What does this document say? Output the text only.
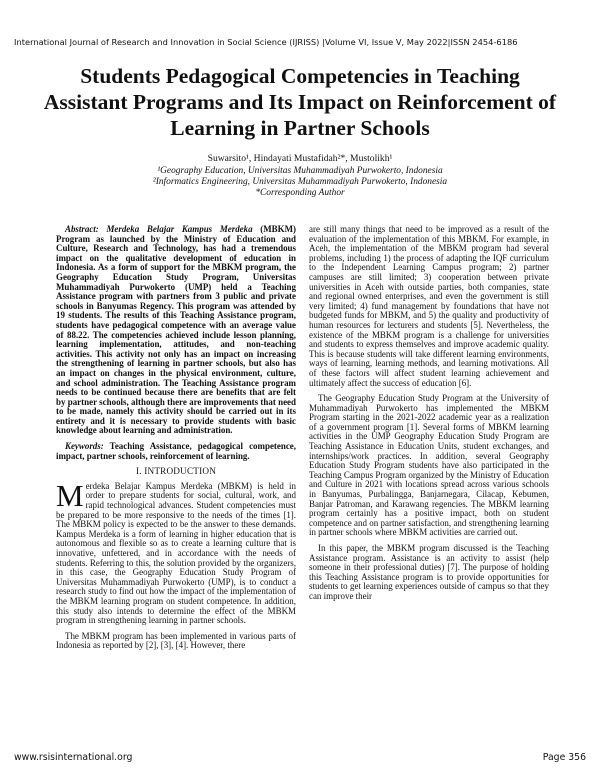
International Journal of Research and Innovation in Social Science (IJRISS) |Volume VI, Issue V, May 2022|ISSN 2454-6186
Students Pedagogical Competencies in Teaching Assistant Programs and Its Impact on Reinforcement of Learning in Partner Schools
Suwarsito¹, Hindayati Mustafidah²*, Mustolikh¹
¹Geography Education, Universitas Muhammadiyah Purwokerto, Indonesia
²Informatics Engineering, Universitas Muhammadiyah Purwokerto, Indonesia
*Corresponding Author

Abstract: Merdeka Belajar Kampus Merdeka (MBKM) Program as launched by the Ministry of Education and Culture, Research and Technology, has had a tremendous impact on the qualitative development of education in Indonesia. As a form of support for the MBKM program, the Geography Education Study Program, Universitas Muhammadiyah Purwokerto (UMP) held a Teaching Assistance program with partners from 3 public and private schools in Banyumas Regency. This program was attended by 19 students. The results of this Teaching Assistance program, students have pedagogical competence with an average value of 88.22. The competencies achieved include lesson planning, learning implementation, attitudes, and non-teaching activities. This activity not only has an impact on increasing the strengthening of learning in partner schools, but also has an impact on changes in the physical environment, culture, and school administration. The Teaching Assistance program needs to be continued because there are benefits that are felt by partner schools, although there are improvements that need to be made, namely this activity should be carried out in its entirety and it is necessary to provide students with basic knowledge about learning and administration.

Keywords: Teaching Assistance, pedagogical competence, impact, partner schools, reinforcement of learning.

I. INTRODUCTION

Merdeka Belajar Kampus Merdeka (MBKM) is held in order to prepare students for social, cultural, work, and rapid technological advances. Student competencies must be prepared to be more responsive to the needs of the times [1]. The MBKM policy is expected to be the answer to these demands. Kampus Merdeka is a form of learning in higher education that is autonomous and flexible so as to create a learning culture that is innovative, unfettered, and in accordance with the needs of students. Referring to this, the solution provided by the organizers, in this case, the Geography Education Study Program of Universitas Muhammadiyah Purwokerto (UMP), is to conduct a research study to find out how the impact of the implementation of the MBKM learning program on student competence. In addition, this study also intends to determine the effect of the MBKM program in strengthening learning in partner schools.

The MBKM program has been implemented in various parts of Indonesia as reported by [2], [3], [4]. However, there

are still many things that need to be improved as a result of the evaluation of the implementation of this MBKM. For example, in Aceh, the implementation of the MBKM program had several problems, including 1) the process of adapting the IQF curriculum to the Independent Learning Campus program; 2) partner campuses are still limited; 3) cooperation between private universities in Aceh with outside parties, both companies, state and regional owned enterprises, and even the government is still very limited; 4) fund management by foundations that have not budgeted funds for MBKM, and 5) the quality and productivity of human resources for lecturers and students [5]. Nevertheless, the existence of the MBKM program is a challenge for universities and students to express themselves and improve academic quality. This is because students will take different learning environments, ways of learning, learning methods, and learning motivations. All of these factors will affect student learning achievement and ultimately affect the success of education [6].

The Geography Education Study Program at the University of Muhammadiyah Purwokerto has implemented the MBKM Program starting in the 2021-2022 academic year as a realization of a government program [1]. Several forms of MBKM learning activities in the UMP Geography Education Study Program are Teaching Assistance in Education Units, student exchanges, and internships/work practices. In addition, several Geography Education Study Program students have also participated in the Teaching Campus Program organized by the Ministry of Education and Culture in 2021 with locations spread across various schools in Banyumas, Purbalingga, Banjarnegara, Cilacap, Kebumen, Banjar Patroman, and Karawang regencies. The MBKM learning program certainly has a positive impact, both on student competence and on partner satisfaction, and strengthening learning in partner schools where MBKM activities are carried out.

In this paper, the MBKM program discussed is the Teaching Assistance program. Assistance is an activity to assist (help someone in their professional duties) [7]. The purpose of holding this Teaching Assistance program is to provide opportunities for students to get learning experiences outside of campus so that they can improve their

www.rsisinternational.org	Page 356
